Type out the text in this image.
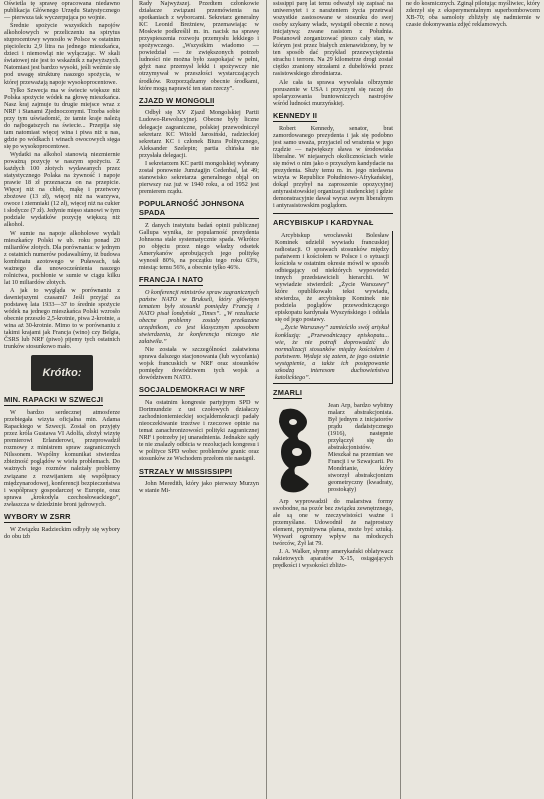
Oświetla tę sprawę opracowana niedawno publikacja Głównego Urzędu Statystycznego — pierwsza tak wyczerpująca po wojnie.

Średnie spożycie wszystkich napojów alkoholowych w przeliczeniu na spirytus stuprocentowy wynosiło w Polsce w ostatnim pięcioleciu 2,9 litra na jednego mieszkańca, dzieci i niemowląt nie wyłączając. W skali światowej nie jest to wskaźnik z najwyższych. Natomiast jest bardzo wysoki, jeśli weźmie się pod uwagę strukturę naszego spożycia, w której przeważają napoje wysokoprocentowe.

Tylko Szwecja ma w świecie większe niż Polska spożycie wódek na głowę mieszkańca. Nasz kraj zajmuje tu drugie miejsce wraz z NRF i Stanami Zjednoczonymi. Trzeba sobie przy tym uświadomić, że tamte kraje należą do najbogatszych na świecie... Przepija się tam natomiast więcej wina i piwa niż u nas, gdzie po wódkach i winach owocowych sięga się po wysokoprocentowe.

Wydatki na alkohol stanowią niezmiernie poważną pozycję w naszym spożyciu. Z każdych 100 złotych wydawanych przez statystycznego Polaka na żywność i napoje prawie 18 zł przeznacza on na przepicie. Więcej niż na chleb, mąkę i przetwory zbożowe (13 zł), więcej niż na warzywa, owoce i ziemniaki (12 zł), więcej niż na cukier i słodycze (7 zł). Jedynie mięso stanowi w tym podziale wydatków pozycję większą niż alkohol.

W sumie na napoje alkoholowe wydali mieszkańcy Polski w ub. roku ponad 20 miliardów złotych. Dla porównania: w jednym z ostatnich numerów podawaliśmy, iż budowa kombinatu azotowego w Puławach, tak ważnego dla unowocześnienia naszego rolnictwa, pochłonie w sumie w ciągu kilku lat 10 miliardów złotych.

A jak to wygląda w porównaniu z dawniejszymi czasami? Jeśli przyjąć za podstawę lata 1933—37 to średnie spożycie wódek na jednego mieszkańca Polski wzrosło obecnie przeszło 2,5-krotnie, piwa 2-krotnie, a wina aż 30-krotnie. Mimo to w porównaniu z takimi krajami jak Francja (wino) czy Belgia, ČSRS lub NRF (piwo) pijemy tych ostatnich trunków stosunkowo mało.

Krótko:
MIN. RAPACKI W SZWECJI

W bardzo serdecznej atmosferze przebiegała wizyta oficjalna min. Adama Rapackiego w Szwecji. Został on przyjęty przez króla Gustawa VI Adolfa, złożył wizytę premierowi Erlanderowi, przeprowadził rozmowy z ministrem spraw zagranicznych Nilssonem. Wspólny komunikat stwierdza zbieżność poglądów w wielu problemach. Do ważnych tego rozmów należały problemy związane z rozwijaniem się współpracy międzynarodowej, konferencji bezpieczeństwa i współpracy gospodarczej w Europie, oraz sprawa „krokodyla czechosłowackiego”, zwłaszcza w dziedzinie broni jądrowych.

WYBORY W ZSRR

W Związku Radzieckim odbyły się wybory do obu izb

Rady Najwyższej. Przedtem członkowie działacze związani przemówienia na spotkaniach z wyborcami. Sekretarz generalny KC Leonid Breżniew, przemawiając w Moskwie podkreślił m. in. nacisk na sprawę przyspieszenia rozwoju przemysłu lekkiego i spożywczego. „Wszystkim wiadomo — powiedział — że zwiększonych potrzeb ludności nie można było zaspokajać w pełni, gdyż nasz przemysł lekki i spożywczy nie otrzymywał w przeszłości wystarczających środków. Rozporządzamy obecnie środkami, które mogą naprawić ten stan rzeczy”.

ZJAZD W MONGOLII

Odbył się XV Zjazd Mongolskiej Partii Ludowo-Rewolucyjnej. Obecne były liczne delegacje zagraniczne, polskiej przewodniczył sekretarz KC Witold Jarosiński, radzieckiej sekretarz KC i członek Biura Politycznego, Aleksander Szelepin; partia chińska nie przysłała delegacji.

I sekretarzem KC partii mongolskiej wybrany został ponownie Jumżagijn Cedenbal, lat 49; stanowisko sekretarza generalnego objął on pierwszy raz już w 1940 roku, a od 1952 jest premierem rządu.

POPULARNOŚĆ JOHNSONA SPADA

Z danych instytutu badań opinii publicznej Gallupa wynika, że popularność prezydenta Johnsona stale systematycznie spada. Wkrótce po objęciu przez niego władzy odsetek Amerykanów aprobujących jego politykę wynosił 80%, na początku tego roku 63%, miesiąc temu 56%, a obecnie tylko 46%.

FRANCJA I NATO

O konferencji ministrów spraw zagranicznych państw NATO w Brukseli, który głównym tematem były stosunki pomiędzy Francją i NATO pisał londyński „Times”. „W rezultacie obecne problemy zostały przekazane urzędnikom, co jest klasycznym sposobem stwierdzenia, że konferencja niczego nie załatwiła.”

Nie została w szczególności załatwiona sprawa dalszego stacjonowania (lub wycofania) wojsk francuskich w NRF oraz stosunków pomiędzy dowództwem tych wojsk a dowództwem NATO.

SOCJALDEMOKRACI W NRF

Na ostatnim kongresie partyjnym SPD w Dortmundzie z ust czołowych działaczy zachodnioniemieckiej socjaldemokracji padały nieoczekiwanie trzeźwe i rzeczowe opinie na temat zanachronizowości polityki zagranicznej NRF i potrzeby jej unaradnienia. Jednakże sądy te nie znalazły odbicia w rezolucjach kongresu i w polityce SPD wobec problemów granic oraz stosunków ze Wschodem przełom nie nastąpił.

STRZAŁY W MISSISSIPPI

John Meredith, który jako pierwszy Murzyn w stanie Mi-

ssissippi parę lat temu odważył się zapisać na uniwersytet i z narażeniem życia przetrwał wszystkie zastosowane w stosunku do swej osoby szykany władz, wystąpił obecnie z nową inicjatywą: zwane rasistom z Południa. Postanowił zorganizować pieszo cały stan, w którym jest przez białych znienawidzony, by w ten sposób dać przykład przezwyciężenia strachu i terroru. Na 29 kilometrze drogi został ciężko zraniony strzałami z dubeltówki przez rasistowskiego zbrodniarza.

Ale cała ta sprawa wywołała olbrzymie poruszenie w USA i przyczyni się raczej do spolaryzowania buntowniczych nastrojów wśród ludności murzyńskiej.

KENNEDY II

Robert Kennedy, senator, brat zamordowanego prezydenta i jak się podobno jest samo uważa, przyjaciel od wrażenia w jego rządzie — największy sława w środowiska liberalne. W niejasnych okolicznościach wiele się mówi o nim jako o przyszłym kandydacie na prezydenta. Służy temu m. in. jego niedawna wizyta w Republice Południowo-Afrykańskiej, dokąd przybył na zaproszenie opozycyjnej antyrasistowskiej organizacji studenckiej i gdzie demonstracyjnie dawał wyraz swym liberalnym i antyrasistowskim poglądom.

ARCYBISKUP I KARDYNAŁ

Arcybiskup wrocławski Bolesław Kominek udzielił wywiadu francuskiej radiostacji. O sprawach stosunków między państwem i kościołem w Polsce i o sytuacji kościoła w ostatnim okresie mówił w sposób odbiegający od niektórych wypowiedzi innych przedstawicieli hierarchii. W wywiadzie stwierdził: „Życie Warszawy” które opublikowało tekst wywiadu, stwierdza, że arcybiskup Kominek nie podziela poglądów przewodniczącego episkopatu kardynała Wyszyńskiego i oddala się od jego postawy.

„Życie Warszawy” zamieściło swój artykuł konkluzją: „Przewodniczący episkopatu... wie, że nie potrafi doprowadzić do normalizacji stosunków między kościołem i państwem. Wydaje się zatem, że jego ostatnie wystąpienie, a także ich postępowanie szkodzą interesom duchowieństwa katolickiego”.

ZMARLI

Jean Arp, bardzo wybitny malarz abstrakcjonista. Był jednym z inicjatorów prądu dadaistycznego (1916), następnie przyłączył się do abstrakcjonistów. Mieszkał na przemian we Francji i w Szwajcarii. Po Mondrianie, który stworzył abstrakcjonizm geometryczny (kwadraty, prostokąty)

Arp wyprowadził do malarstwa formy swobodne, na pozór bez związku zewnętrznego, ale są one w rzeczywistości ważne i przemyślane. Udowodnił że najprostszy element, prymitywna plama, może być sztuką. Wywarł ogromny wpływ na młodszych twórców, Żył lat 79.

J. A. Walker, słynny amerykański oblatywacz rakietowych aparatów X-15, osiągających prędkości i wysokości zbliżo-

ne do kosmicznych. Zginął pilotując myśliwiec, który zderzył się z eksperymentalnym superbombowcem XB-70; oba samoloty zbliżyły się nadmiernie w czasie dokonywania zdjęć reklamowych.
